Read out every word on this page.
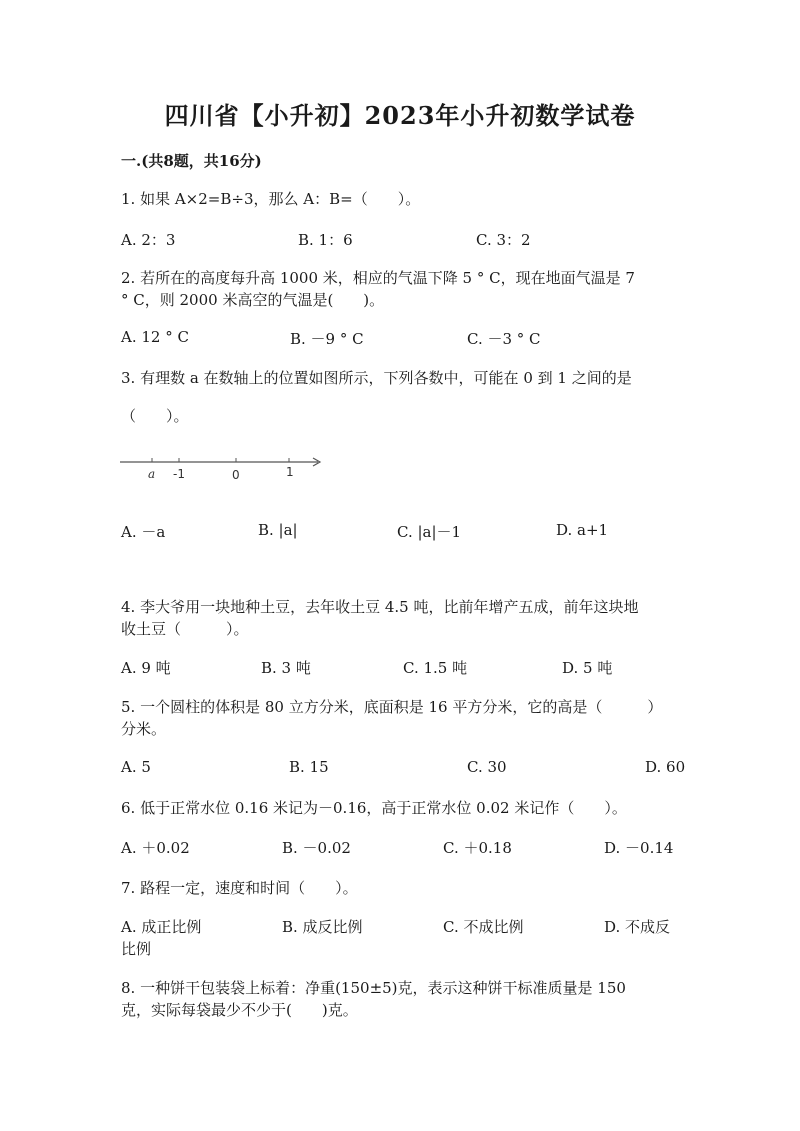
四川省【小升初】2023年小升初数学试卷
一.(共8题，共16分)
1. 如果 A×2=B÷3，那么 A：B=（　　）。
A. 2：3	B. 1：6	C. 3：2
2. 若所在的高度每升高 1000 米，相应的气温下降 5 ° C，现在地面气温是 7
° C，则 2000 米高空的气温是(　　)。
A. 12 ° C	B. －9 ° C	C. －3 ° C
3. 有理数 a 在数轴上的位置如图所示，下列各数中，可能在 0 到 1 之间的是
（　　）。
a -1	0	1
A. －a	B. |a|	C. |a|－1	D. a+1
4. 李大爷用一块地种土豆，去年收土豆 4.5 吨，比前年增产五成，前年这块地
收土豆（　　　）。
A. 9 吨	B. 3 吨	C. 1.5 吨	D. 5 吨
5. 一个圆柱的体积是 80 立方分米，底面积是 16 平方分米，它的高是（　　　）
分米。
A. 5	B. 15	C. 30	D. 60
6. 低于正常水位 0.16 米记为－0.16，高于正常水位 0.02 米记作（　　）。
A. ＋0.02	B. －0.02	C. ＋0.18	D. －0.14
7. 路程一定，速度和时间（　　）。
A. 成正比例	B. 成反比例	C. 不成比例	D. 不成反
比例
8. 一种饼干包装袋上标着：净重(150±5)克，表示这种饼干标准质量是 150
克，实际每袋最少不少于(　　)克。
